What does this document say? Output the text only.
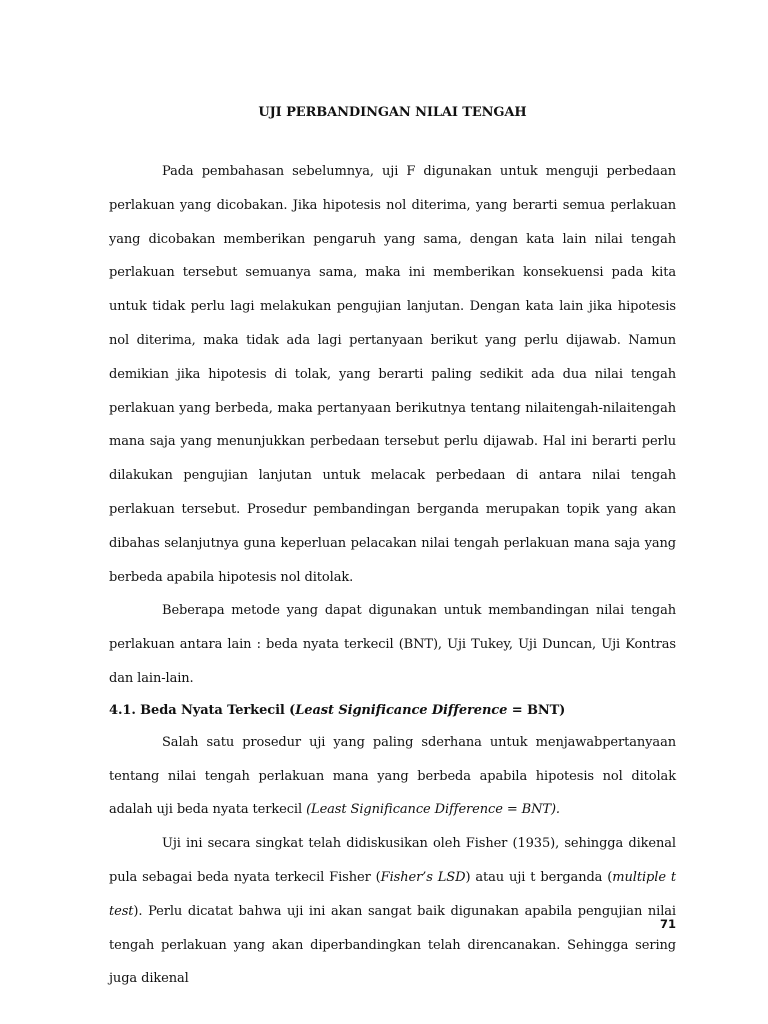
UJI PERBANDINGAN NILAI TENGAH

Pada pembahasan sebelumnya, uji F digunakan untuk menguji perbedaan perlakuan yang dicobakan. Jika hipotesis nol diterima, yang berarti semua perlakuan yang dicobakan memberikan pengaruh yang sama, dengan kata lain nilai tengah perlakuan tersebut semuanya sama, maka ini memberikan konsekuensi pada kita untuk tidak perlu lagi melakukan pengujian lanjutan. Dengan kata lain jika hipotesis nol diterima, maka tidak ada lagi pertanyaan berikut yang perlu dijawab. Namun demikian jika hipotesis di tolak, yang berarti paling sedikit ada dua nilai tengah perlakuan yang berbeda, maka pertanyaan berikutnya tentang nilaitengah-nilaitengah mana saja yang menunjukkan perbedaan tersebut perlu dijawab. Hal ini berarti perlu dilakukan pengujian lanjutan untuk melacak perbedaan di antara nilai tengah perlakuan tersebut. Prosedur pembandingan berganda merupakan topik yang akan dibahas selanjutnya guna keperluan pelacakan nilai tengah perlakuan mana saja yang berbeda apabila hipotesis nol ditolak.

Beberapa metode yang dapat digunakan untuk membandingan nilai tengah perlakuan antara lain : beda nyata terkecil (BNT), Uji Tukey, Uji Duncan, Uji Kontras dan lain-lain.

4.1. Beda Nyata Terkecil (Least Significance Difference = BNT)

Salah satu prosedur uji yang paling sderhana untuk menjawabpertanyaan tentang nilai tengah perlakuan mana yang berbeda apabila hipotesis nol ditolak adalah uji beda nyata terkecil (Least Significance Difference = BNT).

Uji ini secara singkat telah didiskusikan oleh Fisher (1935), sehingga dikenal pula sebagai beda nyata terkecil Fisher (Fisher’s LSD) atau uji t berganda (multiple t test). Perlu dicatat bahwa uji ini akan sangat baik digunakan apabila pengujian nilai tengah perlakuan yang akan diperbandingkan telah direncanakan. Sehingga sering juga dikenal

71
